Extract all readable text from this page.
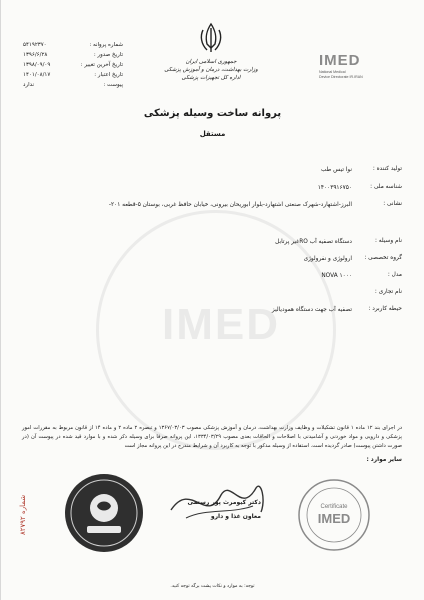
IMED
شماره پروانه :
۵۴۱۹۲۳۷۰
تاریخ صدور :
۱۳۹۶/۶/۲۸
تاریخ آخرین تغییر :
۱۳۹۸/۰۹/۰۹
تاریخ اعتبار :
۱۴۰۱/۰۸/۱۷
پیوست :
ندارد
جمهوری اسلامی ایران
وزارت بهداشت، درمان و آموزش پزشکی
اداره کل تجهیزات پزشکی
IMED
National Medical
Device Directorate IR.IRAN
پروانه ساخت وسیله پزشکی
مستقل
تولید کننده :
نوا تیس طب
شناسه ملی :
۱۴۰۰۳۹۱۶۷۵۰
نشانی :
البرز-اشتهارد-شهرک صنعتی اشتهارد-بلوار ابوریحان بیرونی، خیابان حافظ غربی، بوستان ۵-قطعه ۲۰۱-
نام وسیله :
دستگاه تصفیه آب ROغیر پرتابل
گروه تخصصی :
ارولوژی و نفرولوژی
مدل :
NOVA ۱۰۰۰
نام تجاری :
حیطه کاربرد :
تصفیه آب جهت دستگاه همودیالیز
در اجرای بند ۱۲ ماده ۱ قانون تشکیلات و وظایف وزارت بهداشت، درمان و آموزش پزشکی مصوب ۱۳۶۷/۰۳/۰۳ و تبصره ۲ ماده ۲ و ماده ۱۴ از قانون مربوط به مقررات امور پزشکی و دارویی و مواد خوردنی و آشامیدنی با اصلاحات و الحاقات بعدی مصوب ۱۳۳۴/۰۳/۲۹، این پروانه صرفا برای وسیله ذکر شده و با موارد قید شده در پیوست آن (در صورت داشتن پیوست) صادر گردیده است. استفاده از وسیله مذکور با توجه به کاربرد آن و شرایط مندرج در این پروانه مجاز است
سایر موارد :
دکتر کیومرث پور رستمی
معاون غذا و دارو
شماره ۸۲۷۹۲	Certificate
IMED
توجه: به موارد و نکات پشت برگه توجه کنید.
